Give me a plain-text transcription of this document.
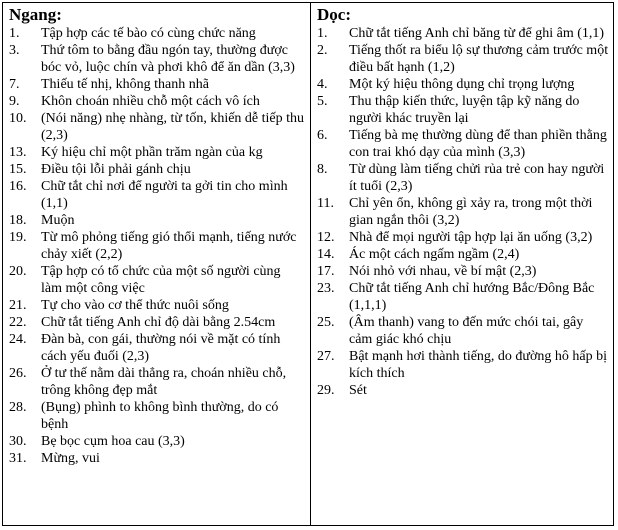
Ngang:
1. Tập hợp các tế bào có cùng chức năng
3. Thứ tôm to bằng đầu ngón tay, thường được bóc vỏ, luộc chín và phơi khô để ăn dần (3,3)
7. Thiếu tế nhị, không thanh nhã
9. Khôn choán nhiều chỗ một cách vô ích
10. (Nói năng) nhẹ nhàng, từ tốn, khiến dễ tiếp thu (2,3)
13. Ký hiệu chỉ một phần trăm ngàn của kg
15. Điều tội lỗi phải gánh chịu
16. Chữ tắt chỉ nơi để người ta gởi tin cho mình (1,1)
18. Muộn
19. Từ mô phỏng tiếng gió thổi mạnh, tiếng nước chảy xiết (2,2)
20. Tập hợp có tổ chức của một số người cùng làm một công việc
21. Tự cho vào cơ thể thức nuôi sống
22. Chữ tắt tiếng Anh chỉ độ dài bằng 2.54cm
24. Đàn bà, con gái, thường nói về mặt có tính cách yếu đuối (2,3)
26. Ở tư thế nằm dài thẳng ra, choán nhiều chỗ, trông không đẹp mắt
28. (Bụng) phình to không bình thường, do có bệnh
30. Bẹ bọc cụm hoa cau (3,3)
31. Mừng, vui
Dọc:
1. Chữ tắt tiếng Anh chỉ băng từ để ghi âm (1,1)
2. Tiếng thốt ra biểu lộ sự thương cảm trước một điều bất hạnh (1,2)
4. Một ký hiệu thông dụng chỉ trọng lượng
5. Thu thập kiến thức, luyện tập kỹ năng do người khác truyền lại
6. Tiếng bà mẹ thường dùng để than phiền thằng con trai khó dạy của mình (3,3)
8. Từ dùng làm tiếng chửi rủa trẻ con hay người ít tuổi (2,3)
11. Chỉ yên ổn, không gì xảy ra, trong một thời gian ngắn thôi (3,2)
12. Nhà để mọi người tập hợp lại ăn uống (3,2)
14. Ác một cách ngấm ngầm (2,4)
17. Nói nhỏ với nhau, về bí mật (2,3)
23. Chữ tắt tiếng Anh chỉ hướng Bắc/Đông Bắc (1,1,1)
25. (Âm thanh) vang to đến mức chói tai, gây cảm giác khó chịu
27. Bật mạnh hơi thành tiếng, do đường hô hấp bị kích thích
29. Sét
